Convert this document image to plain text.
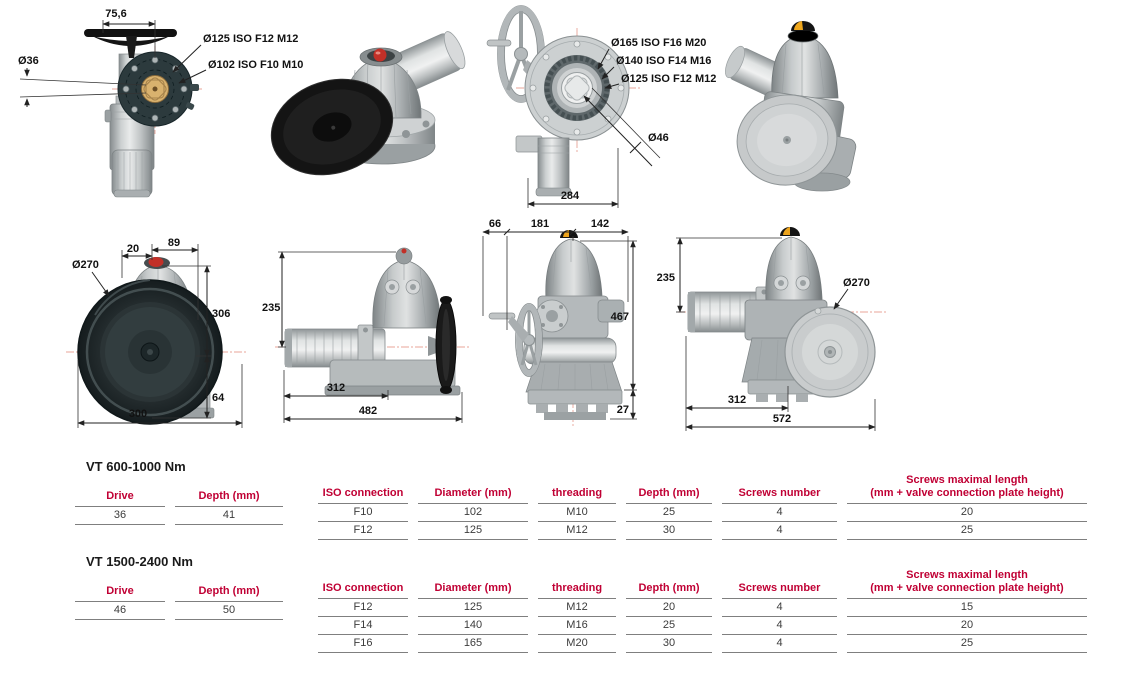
75,6
Ø36
Ø125 ISO F12 M12
Ø102 ISO F10 M10
Ø165 ISO F16 M20
Ø140 ISO F14 M16
Ø125 ISO F12 M12
Ø46
284
89
20
Ø270
306
64
300
235
312
482
66	181	142
467
27
235	Ø270
312
572
VT 600-1000 Nm
Drive	Depth (mm)
36	41
ISO connection	Diameter (mm)	threading	Depth (mm)	Screws number	Screws maximal length
(mm + valve connection plate height)
F10	102	M10	25	4	20
F12	125	M12	30	4	25
VT 1500-2400 Nm
Drive	Depth (mm)
46	50
ISO connection	Diameter (mm)	threading	Depth (mm)	Screws number	Screws maximal length
(mm + valve connection plate height)
F12	125	M12	20	4	15
F14	140	M16	25	4	20
F16	165	M20	30	4	25
